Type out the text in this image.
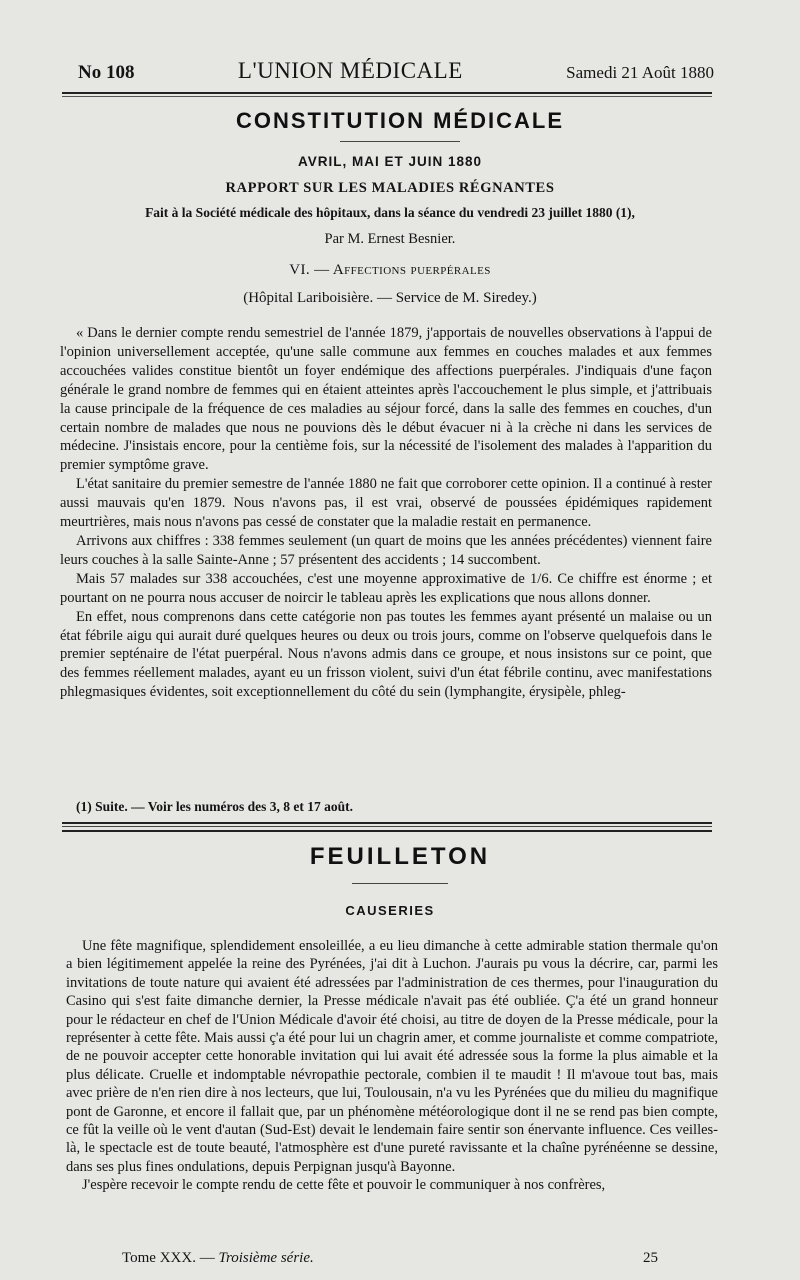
No 108	L'UNION MÉDICALE	Samedi 21 Août 1880
CONSTITUTION MÉDICALE
AVRIL, MAI ET JUIN 1880
RAPPORT SUR LES MALADIES RÉGNANTES
Fait à la Société médicale des hôpitaux, dans la séance du vendredi 23 juillet 1880 (1),
Par M. Ernest Besnier.
VI. — Affections puerpérales
(Hôpital Lariboisière. — Service de M. Siredey.)

« Dans le dernier compte rendu semestriel de l'année 1879, j'apportais de nouvelles observations à l'appui de l'opinion universellement acceptée, qu'une salle commune aux femmes en couches malades et aux femmes accouchées valides constitue bientôt un foyer endémique des affections puerpérales. J'indiquais d'une façon générale le grand nombre de femmes qui en étaient atteintes après l'accouchement le plus simple, et j'attribuais la cause principale de la fréquence de ces maladies au séjour forcé, dans la salle des femmes en couches, d'un certain nombre de malades que nous ne pouvions dès le début évacuer ni à la crèche ni dans les services de médecine. J'insistais encore, pour la centième fois, sur la nécessité de l'isolement des malades à l'apparition du premier symptôme grave.

L'état sanitaire du premier semestre de l'année 1880 ne fait que corroborer cette opinion. Il a continué à rester aussi mauvais qu'en 1879. Nous n'avons pas, il est vrai, observé de poussées épidémiques rapidement meurtrières, mais nous n'avons pas cessé de constater que la maladie restait en permanence.

Arrivons aux chiffres : 338 femmes seulement (un quart de moins que les années précédentes) viennent faire leurs couches à la salle Sainte-Anne ; 57 présentent des accidents ; 14 succombent.

Mais 57 malades sur 338 accouchées, c'est une moyenne approximative de 1/6. Ce chiffre est énorme ; et pourtant on ne pourra nous accuser de noircir le tableau après les explications que nous allons donner.

En effet, nous comprenons dans cette catégorie non pas toutes les femmes ayant présenté un malaise ou un état fébrile aigu qui aurait duré quelques heures ou deux ou trois jours, comme on l'observe quelquefois dans le premier septénaire de l'état puerpéral. Nous n'avons admis dans ce groupe, et nous insistons sur ce point, que des femmes réellement malades, ayant eu un frisson violent, suivi d'un état fébrile continu, avec manifestations phlegmasiques évidentes, soit exceptionnellement du côté du sein (lymphangite, érysipèle, phleg-

(1) Suite. — Voir les numéros des 3, 8 et 17 août.
FEUILLETON
CAUSERIES

Une fête magnifique, splendidement ensoleillée, a eu lieu dimanche à cette admirable station thermale qu'on a bien légitimement appelée la reine des Pyrénées, j'ai dit à Luchon. J'aurais pu vous la décrire, car, parmi les invitations de toute nature qui avaient été adressées par l'administration de ces thermes, pour l'inauguration du Casino qui s'est faite dimanche dernier, la Presse médicale n'avait pas été oubliée. Ç'a été un grand honneur pour le rédacteur en chef de l'Union Médicale d'avoir été choisi, au titre de doyen de la Presse médicale, pour la représenter à cette fête. Mais aussi ç'a été pour lui un chagrin amer, et comme journaliste et comme compatriote, de ne pouvoir accepter cette honorable invitation qui lui avait été adressée sous la forme la plus aimable et la plus délicate. Cruelle et indomptable névropathie pectorale, combien il te maudit ! Il m'avoue tout bas, mais avec prière de n'en rien dire à nos lecteurs, que lui, Toulousain, n'a vu les Pyrénées que du milieu du magnifique pont de Garonne, et encore il fallait que, par un phénomène météorologique dont il ne se rend pas bien compte, ce fût la veille où le vent d'autan (Sud-Est) devait le lendemain faire sentir son énervante influence. Ces veilles-là, le spectacle est de toute beauté, l'atmosphère est d'une pureté ravissante et la chaîne pyrénéenne se dessine, dans ses plus fines ondulations, depuis Perpignan jusqu'à Bayonne.

J'espère recevoir le compte rendu de cette fête et pouvoir le communiquer à nos confrères,

Tome XXX. — Troisième série.	25
